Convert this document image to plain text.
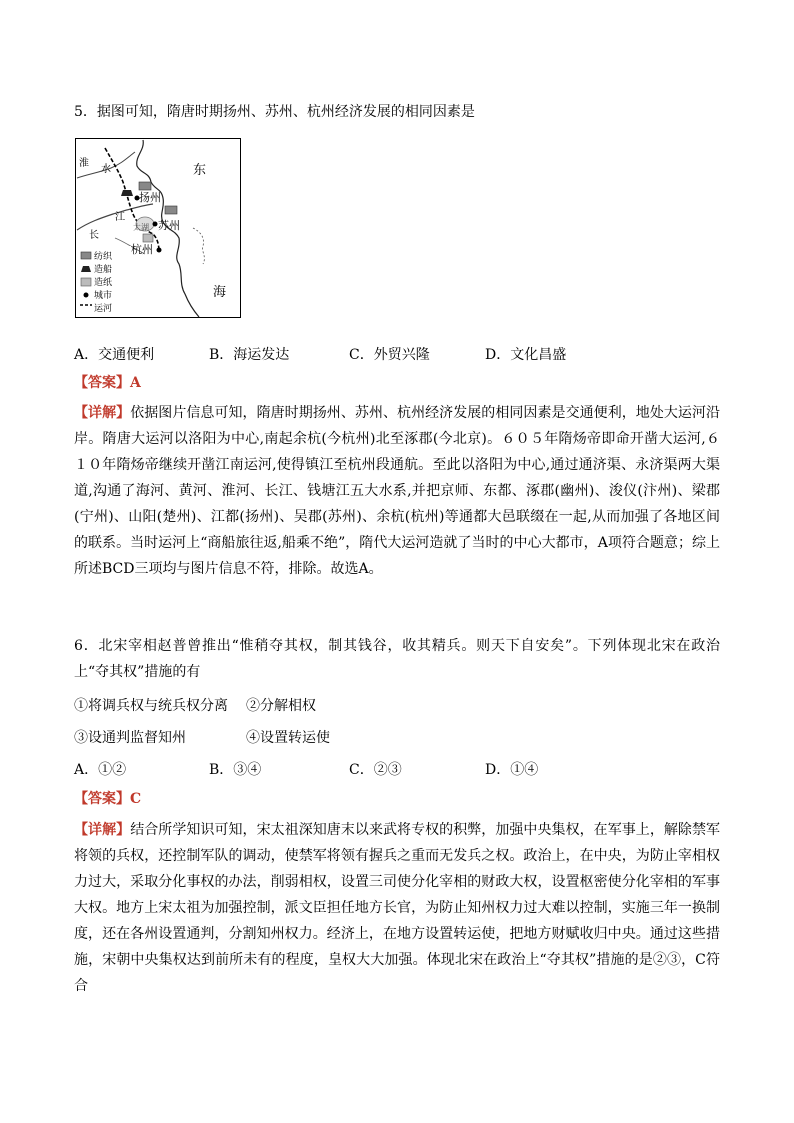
5．据图可知，隋唐时期扬州、苏州、杭州经济发展的相同因素是
东
海
水
淮
江
长
太湖
扬州
苏州
杭州
纺织
造船
造纸
城市
运河
A．交通便利	B．海运发达	C．外贸兴隆	D．文化昌盛
【答案】A
【详解】依据图片信息可知，隋唐时期扬州、苏州、杭州经济发展的相同因素是交通便利，地处大运河沿岸。隋唐大运河以洛阳为中心,南起余杭(今杭州)北至涿郡(今北京)。６０５年隋炀帝即命开凿大运河,６１０年隋炀帝继续开凿江南运河,使得镇江至杭州段通航。至此以洛阳为中心,通过通济渠、永济渠两大渠道,沟通了海河、黄河、淮河、长江、钱塘江五大水系,并把京师、东都、涿郡(幽州)、浚仪(汴州)、梁郡(宁州)、山阳(楚州)、江都(扬州)、吴郡(苏州)、余杭(杭州)等通都大邑联缀在一起,从而加强了各地区间的联系。当时运河上“商船旅往返,船乘不绝”，隋代大运河造就了当时的中心大都市，A项符合题意；综上所述BCD三项均与图片信息不符，排除。故选A。
6．北宋宰相赵普曾推出“惟稍夺其权，制其钱谷，收其精兵。则天下自安矣”。下列体现北宋在政治上“夺其权”措施的有
①将调兵权与统兵权分离 ②分解相权
③设通判监督知州	④设置转运使
A．①②	B．③④	C．②③	D．①④
【答案】C
【详解】结合所学知识可知，宋太祖深知唐末以来武将专权的积弊，加强中央集权，在军事上，解除禁军将领的兵权，还控制军队的调动，使禁军将领有握兵之重而无发兵之权。政治上，在中央，为防止宰相权力过大，采取分化事权的办法，削弱相权，设置三司使分化宰相的财政大权，设置枢密使分化宰相的军事大权。地方上宋太祖为加强控制，派文臣担任地方长官，为防止知州权力过大难以控制，实施三年一换制度，还在各州设置通判，分割知州权力。经济上，在地方设置转运使，把地方财赋收归中央。通过这些措施，宋朝中央集权达到前所未有的程度，皇权大大加强。体现北宋在政治上“夺其权”措施的是②③，C符合
